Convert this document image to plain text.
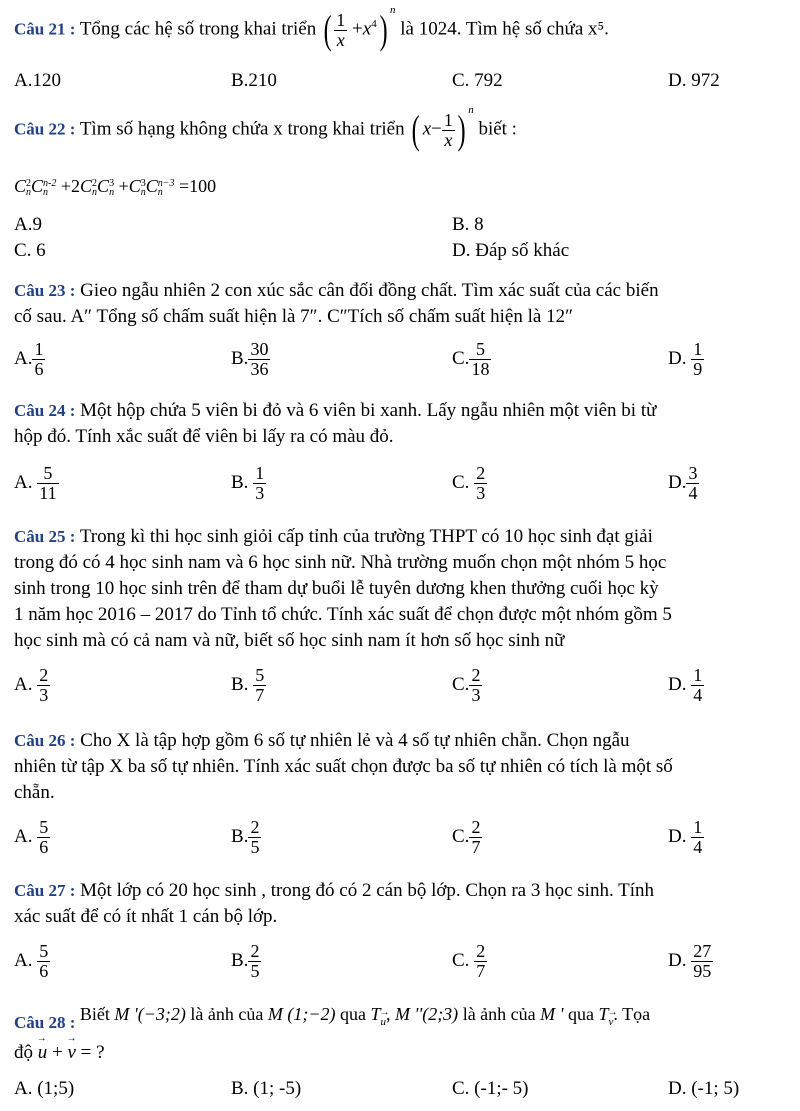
Câu 21 : Tổng các hệ số trong khai triển ( $\frac{1}{x} +x^4$) $^n$ là 1024. Tìm hệ số chứa x⁵.
A.120	B.210	C. 792	D. 972
Câu 22 : Tìm số hạng không chứa x trong khai triển ( $x- \frac{1}{x}$ ) $^n$ biết :
C 2
n C n-2
n +2C 2
n C 3
n +C 3
n C n−3
n =100
A.9	B. 8
C. 6	D. Đáp số khác
Câu 23 : Gieo ngẫu nhiên 2 con xúc sắc cân đối đồng chất. Tìm xác suất của các biến
cố sau. A″ Tổng số chấm suất hiện là 7″. C″Tích số chấm suất hiện là 12″
A. $\frac{1}{6}$	B. $\frac{30}{36}$	C. $\frac{5}{18}$	D. $\frac{1}{9}$
Câu 24 : Một hộp chứa 5 viên bi đỏ và 6 viên bi xanh. Lấy ngẫu nhiên một viên bi từ
hộp đó. Tính xắc suất để viên bi lấy ra có màu đỏ.
A. $\frac{5}{11}$	B. $\frac{1}{3}$	C. $\frac{2}{3}$	D. $\frac{3}{4}$
Câu 25 : Trong kì thi học sinh giỏi cấp tỉnh của trường THPT có 10 học sinh đạt giải
trong đó có 4 học sinh nam và 6 học sinh nữ. Nhà trường muốn chọn một nhóm 5 học
sinh trong 10 học sinh trên để tham dự buổi lễ tuyên dương khen thưởng cuối học kỳ
1 năm học 2016 – 2017 do Tỉnh tổ chức. Tính xác suất để chọn được một nhóm gồm 5
học sinh mà có cả nam và nữ, biết số học sinh nam ít hơn số học sinh nữ
A. $\frac{2}{3}$	B. $\frac{5}{7}$	C. $\frac{2}{3}$	D. $\frac{1}{4}$
Câu 26 : Cho X là tập hợp gồm 6 số tự nhiên lẻ và 4 số tự nhiên chẵn. Chọn ngẫu
nhiên từ tập X ba số tự nhiên. Tính xác suất chọn được ba số tự nhiên có tích là một số
chẵn.
A. $\frac{5}{6}$	B. $\frac{2}{5}$	C. $\frac{2}{7}$	D. $\frac{1}{4}$
Câu 27 : Một lớp có 20 học sinh , trong đó có 2 cán bộ lớp. Chọn ra 3 học sinh. Tính
xác suất để có ít nhất 1 cán bộ lớp.
A. $\frac{5}{6}$	B. $\frac{2}{5}$	C. $\frac{2}{7}$	D. $\frac{27}{95}$
Câu 28 : Biết M '(−3;2) là ảnh của M (1;−2) qua T→ $_u$, M ''(2;3) là ảnh của M ' qua T→ $_v$. Tọa
độ → u + → v = ?
A. (1;5)	B. (1; -5)	C. (-1;- 5)	D. (-1; 5)
